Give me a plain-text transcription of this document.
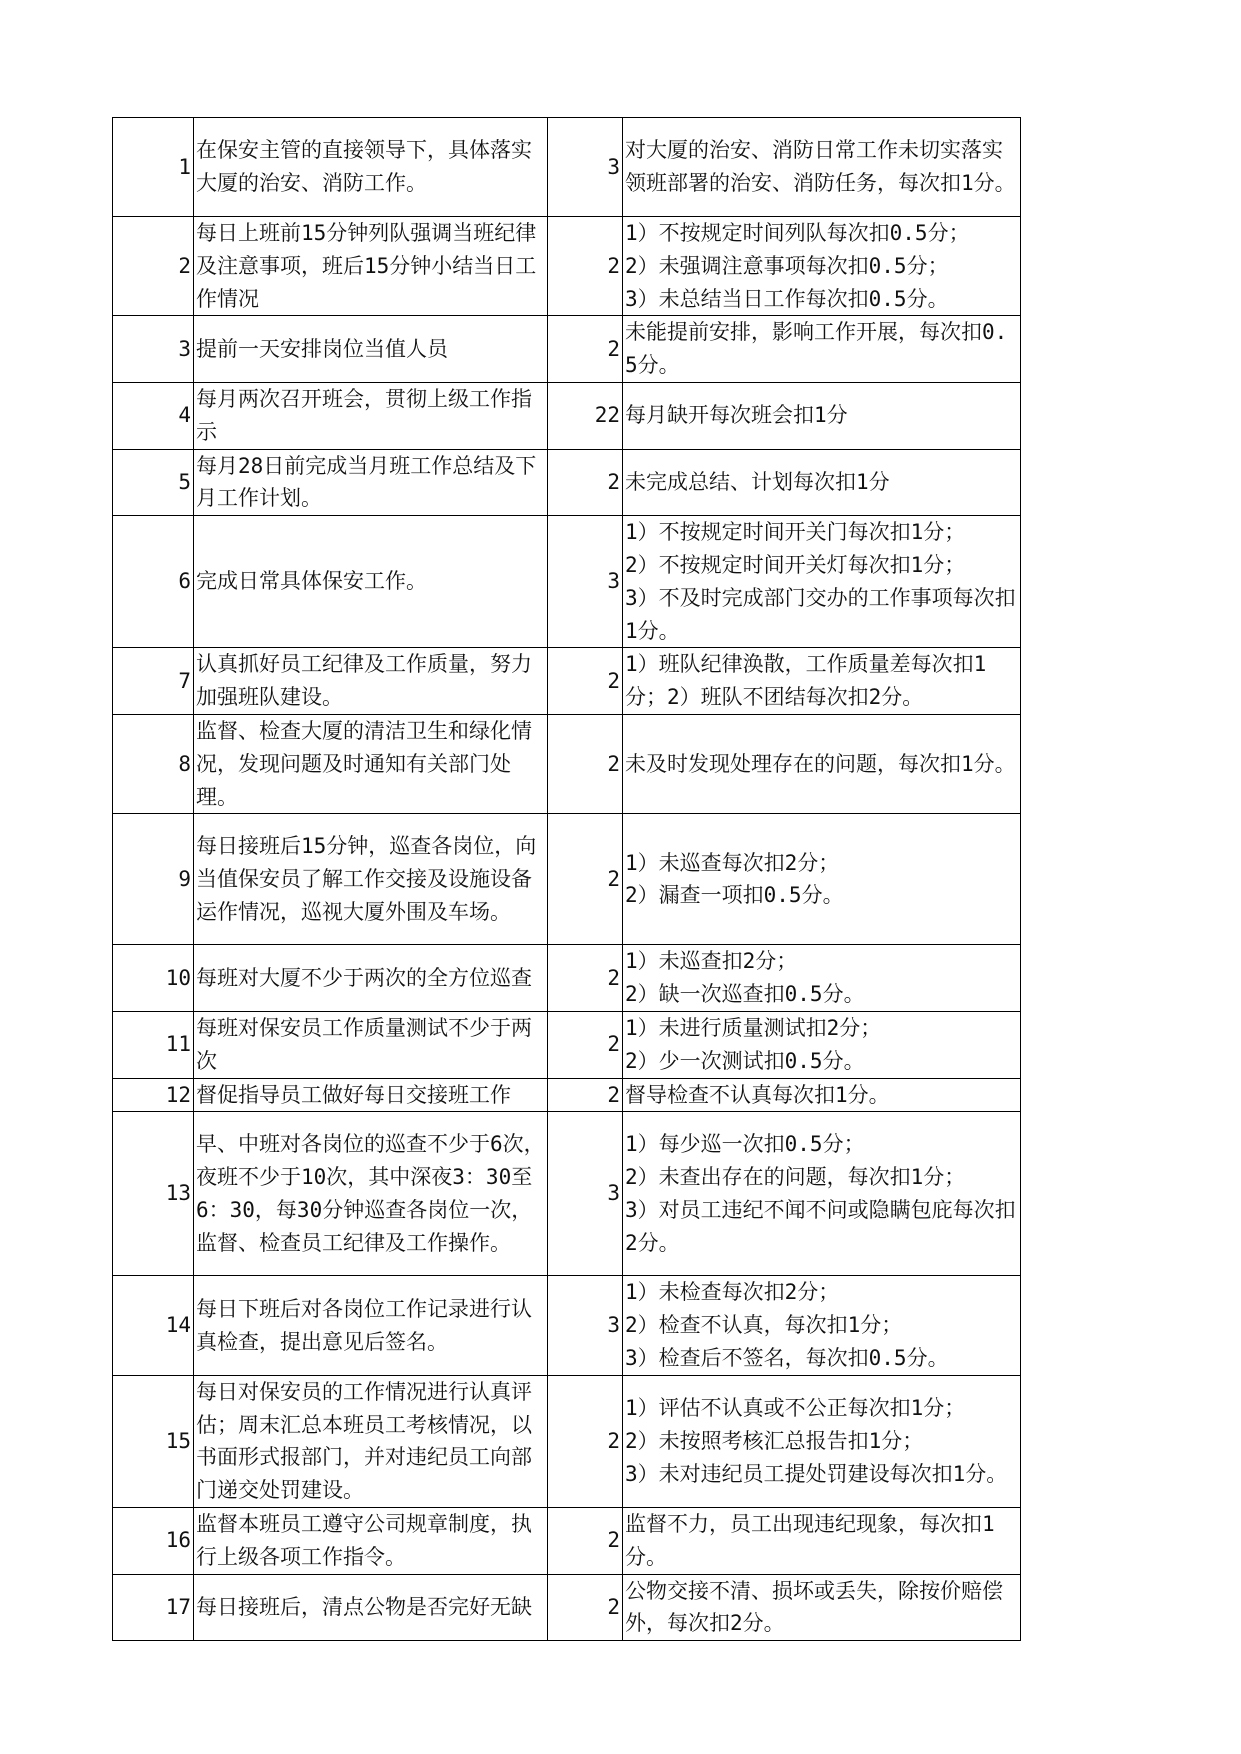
1	在保安主管的直接领导下，具体落实大厦的治安、消防工作。	3	对大厦的治安、消防日常工作未切实落实领班部署的治安、消防任务，每次扣1分。
2	每日上班前15分钟列队强调当班纪律及注意事项，班后15分钟小结当日工作情况	2	1）不按规定时间列队每次扣0.5分；
2）未强调注意事项每次扣0.5分；
3）未总结当日工作每次扣0.5分。
3	提前一天安排岗位当值人员	2	未能提前安排，影响工作开展，每次扣0.5分。
4	每月两次召开班会，贯彻上级工作指示	22	每月缺开每次班会扣1分
5	每月28日前完成当月班工作总结及下月工作计划。	2	未完成总结、计划每次扣1分
6	完成日常具体保安工作。	3	1）不按规定时间开关门每次扣1分；
2）不按规定时间开关灯每次扣1分；
3）不及时完成部门交办的工作事项每次扣1分。
7	认真抓好员工纪律及工作质量，努力加强班队建设。	2	1）班队纪律涣散，工作质量差每次扣1分；2）班队不团结每次扣2分。
8	监督、检查大厦的清洁卫生和绿化情况，发现问题及时通知有关部门处理。	2	未及时发现处理存在的问题，每次扣1分。
9	每日接班后15分钟，巡查各岗位，向当值保安员了解工作交接及设施设备运作情况，巡视大厦外围及车场。	2	1）未巡查每次扣2分；
2）漏查一项扣0.5分。
10	每班对大厦不少于两次的全方位巡查	2	1）未巡查扣2分；
2）缺一次巡查扣0.5分。
11	每班对保安员工作质量测试不少于两次	2	1）未进行质量测试扣2分；
2）少一次测试扣0.5分。
12	督促指导员工做好每日交接班工作	2	督导检查不认真每次扣1分。
13	早、中班对各岗位的巡查不少于6次，夜班不少于10次，其中深夜3：30至6：30，每30分钟巡查各岗位一次，监督、检查员工纪律及工作操作。	3	1）每少巡一次扣0.5分；
2）未查出存在的问题，每次扣1分；
3）对员工违纪不闻不问或隐瞒包庇每次扣2分。
14	每日下班后对各岗位工作记录进行认真检查，提出意见后签名。	3	1）未检查每次扣2分；
2）检查不认真，每次扣1分；
3）检查后不签名，每次扣0.5分。
15	每日对保安员的工作情况进行认真评估；周末汇总本班员工考核情况，以书面形式报部门，并对违纪员工向部门递交处罚建设。	2	1）评估不认真或不公正每次扣1分；
2）未按照考核汇总报告扣1分；
3）未对违纪员工提处罚建设每次扣1分。
16	监督本班员工遵守公司规章制度，执行上级各项工作指令。	2	监督不力，员工出现违纪现象，每次扣1分。
17	每日接班后，清点公物是否完好无缺	2	公物交接不清、损坏或丢失，除按价赔偿外，每次扣2分。
